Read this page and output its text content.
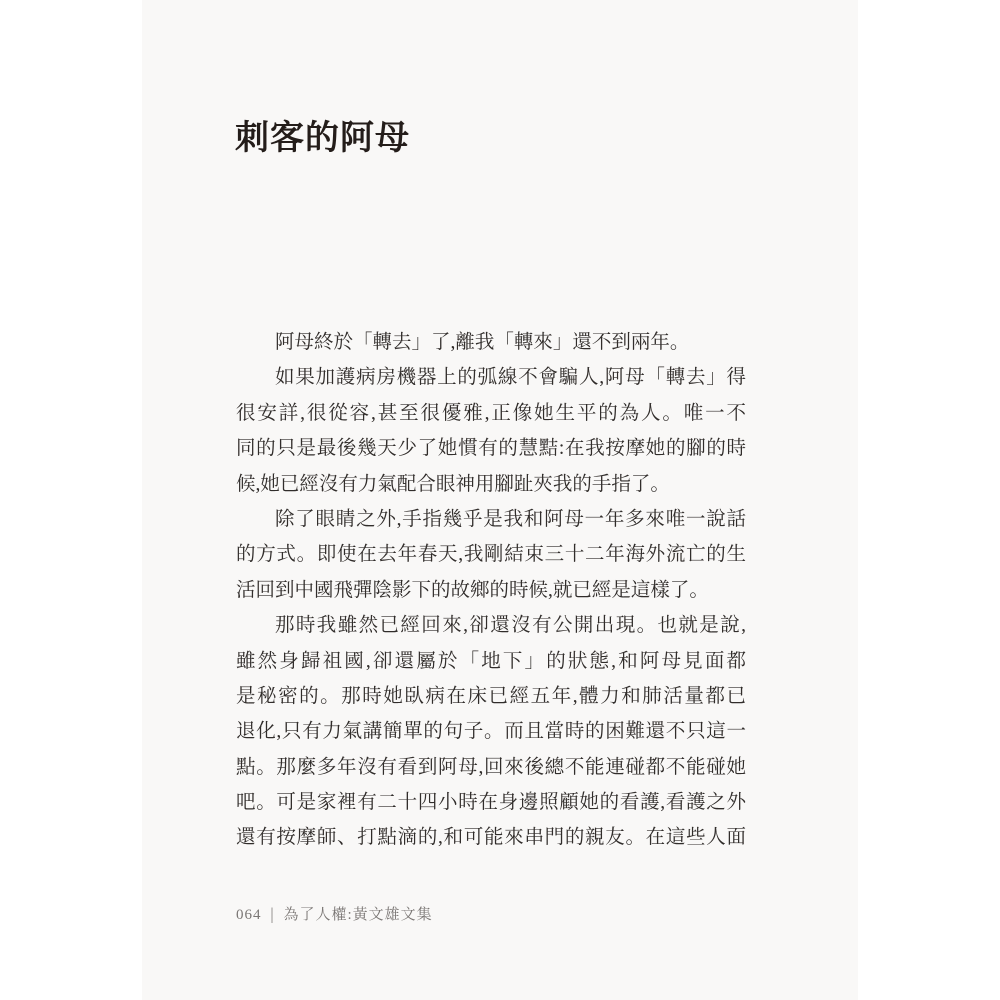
刺客的阿母
阿母終於「轉去」了,離我「轉來」還不到兩年。
如果加護病房機器上的弧線不會騙人,阿母「轉去」得
很安詳,很從容,甚至很優雅,正像她生平的為人。唯一不
同的只是最後幾天少了她慣有的慧黠:在我按摩她的腳的時
候,她已經沒有力氣配合眼神用腳趾夾我的手指了。
除了眼睛之外,手指幾乎是我和阿母一年多來唯一說話
的方式。即使在去年春天,我剛結束三十二年海外流亡的生
活回到中國飛彈陰影下的故鄉的時候,就已經是這樣了。
那時我雖然已經回來,卻還沒有公開出現。也就是說,
雖然身歸祖國,卻還屬於「地下」的狀態,和阿母見面都
是秘密的。那時她臥病在床已經五年,體力和肺活量都已
退化,只有力氣講簡單的句子。而且當時的困難還不只這一
點。那麼多年沒有看到阿母,回來後總不能連碰都不能碰她
吧。可是家裡有二十四小時在身邊照顧她的看護,看護之外
還有按摩師、打點滴的,和可能來串門的親友。在這些人面
064 | 為了人權:黃文雄文集
